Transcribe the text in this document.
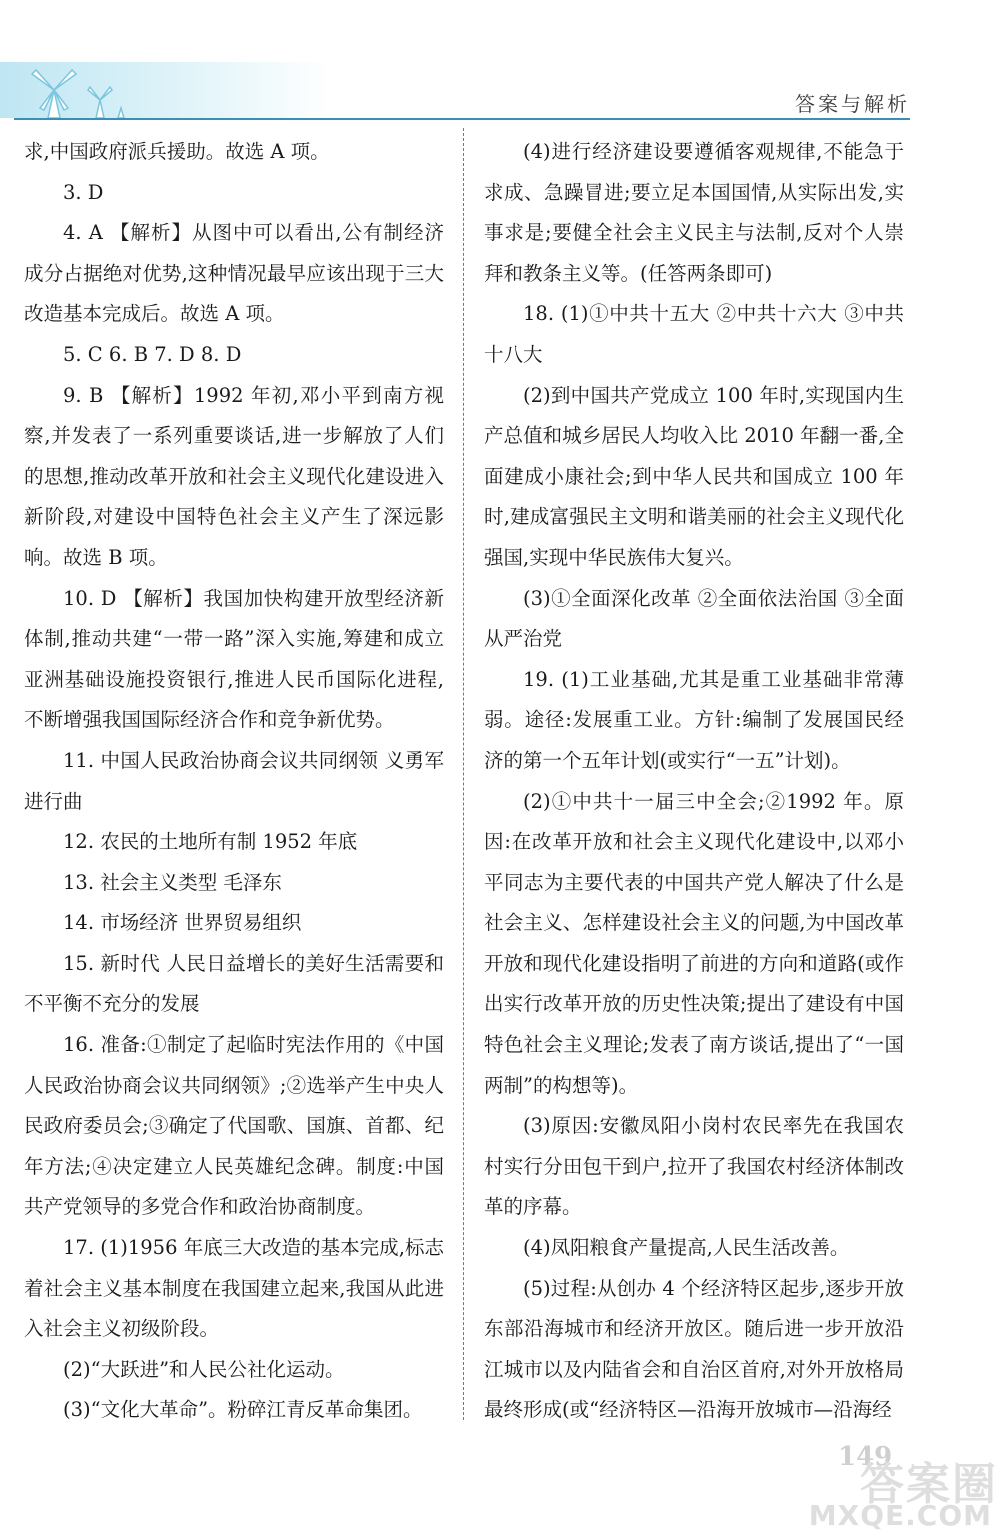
答案与解析

求,中国政府派兵援助。故选 A 项。

3. D

4. A 【解析】从图中可以看出,公有制经济成分占据绝对优势,这种情况最早应该出现于三大改造基本完成后。故选 A 项。

5. C 6. B 7. D 8. D

9. B 【解析】1992 年初,邓小平到南方视察,并发表了一系列重要谈话,进一步解放了人们的思想,推动改革开放和社会主义现代化建设进入新阶段,对建设中国特色社会主义产生了深远影响。故选 B 项。

10. D 【解析】我国加快构建开放型经济新体制,推动共建“一带一路”深入实施,筹建和成立亚洲基础设施投资银行,推进人民币国际化进程,不断增强我国国际经济合作和竞争新优势。

11. 中国人民政治协商会议共同纲领 义勇军进行曲

12. 农民的土地所有制 1952 年底

13. 社会主义类型 毛泽东

14. 市场经济 世界贸易组织

15. 新时代 人民日益增长的美好生活需要和不平衡不充分的发展

16. 准备:①制定了起临时宪法作用的《中国人民政治协商会议共同纲领》;②选举产生中央人民政府委员会;③确定了代国歌、国旗、首都、纪年方法;④决定建立人民英雄纪念碑。制度:中国共产党领导的多党合作和政治协商制度。

17. (1)1956 年底三大改造的基本完成,标志着社会主义基本制度在我国建立起来,我国从此进入社会主义初级阶段。

(2)“大跃进”和人民公社化运动。

(3)“文化大革命”。粉碎江青反革命集团。

(4)进行经济建设要遵循客观规律,不能急于求成、急躁冒进;要立足本国国情,从实际出发,实事求是;要健全社会主义民主与法制,反对个人崇拜和教条主义等。(任答两条即可)

18. (1)①中共十五大 ②中共十六大 ③中共十八大

(2)到中国共产党成立 100 年时,实现国内生产总值和城乡居民人均收入比 2010 年翻一番,全面建成小康社会;到中华人民共和国成立 100 年时,建成富强民主文明和谐美丽的社会主义现代化强国,实现中华民族伟大复兴。

(3)①全面深化改革 ②全面依法治国 ③全面从严治党

19. (1)工业基础,尤其是重工业基础非常薄弱。途径:发展重工业。方针:编制了发展国民经济的第一个五年计划(或实行“一五”计划)。

(2)①中共十一届三中全会;②1992 年。原因:在改革开放和社会主义现代化建设中,以邓小平同志为主要代表的中国共产党人解决了什么是社会主义、怎样建设社会主义的问题,为中国改革开放和现代化建设指明了前进的方向和道路(或作出实行改革开放的历史性决策;提出了建设有中国特色社会主义理论;发表了南方谈话,提出了“一国两制”的构想等)。

(3)原因:安徽凤阳小岗村农民率先在我国农村实行分田包干到户,拉开了我国农村经济体制改革的序幕。

(4)凤阳粮食产量提高,人民生活改善。

(5)过程:从创办 4 个经济特区起步,逐步开放东部沿海城市和经济开放区。随后进一步开放沿江城市以及内陆省会和自治区首府,对外开放格局最终形成(或“经济特区—沿海开放城市—沿海经

149
答案圈
MXQE.COM
